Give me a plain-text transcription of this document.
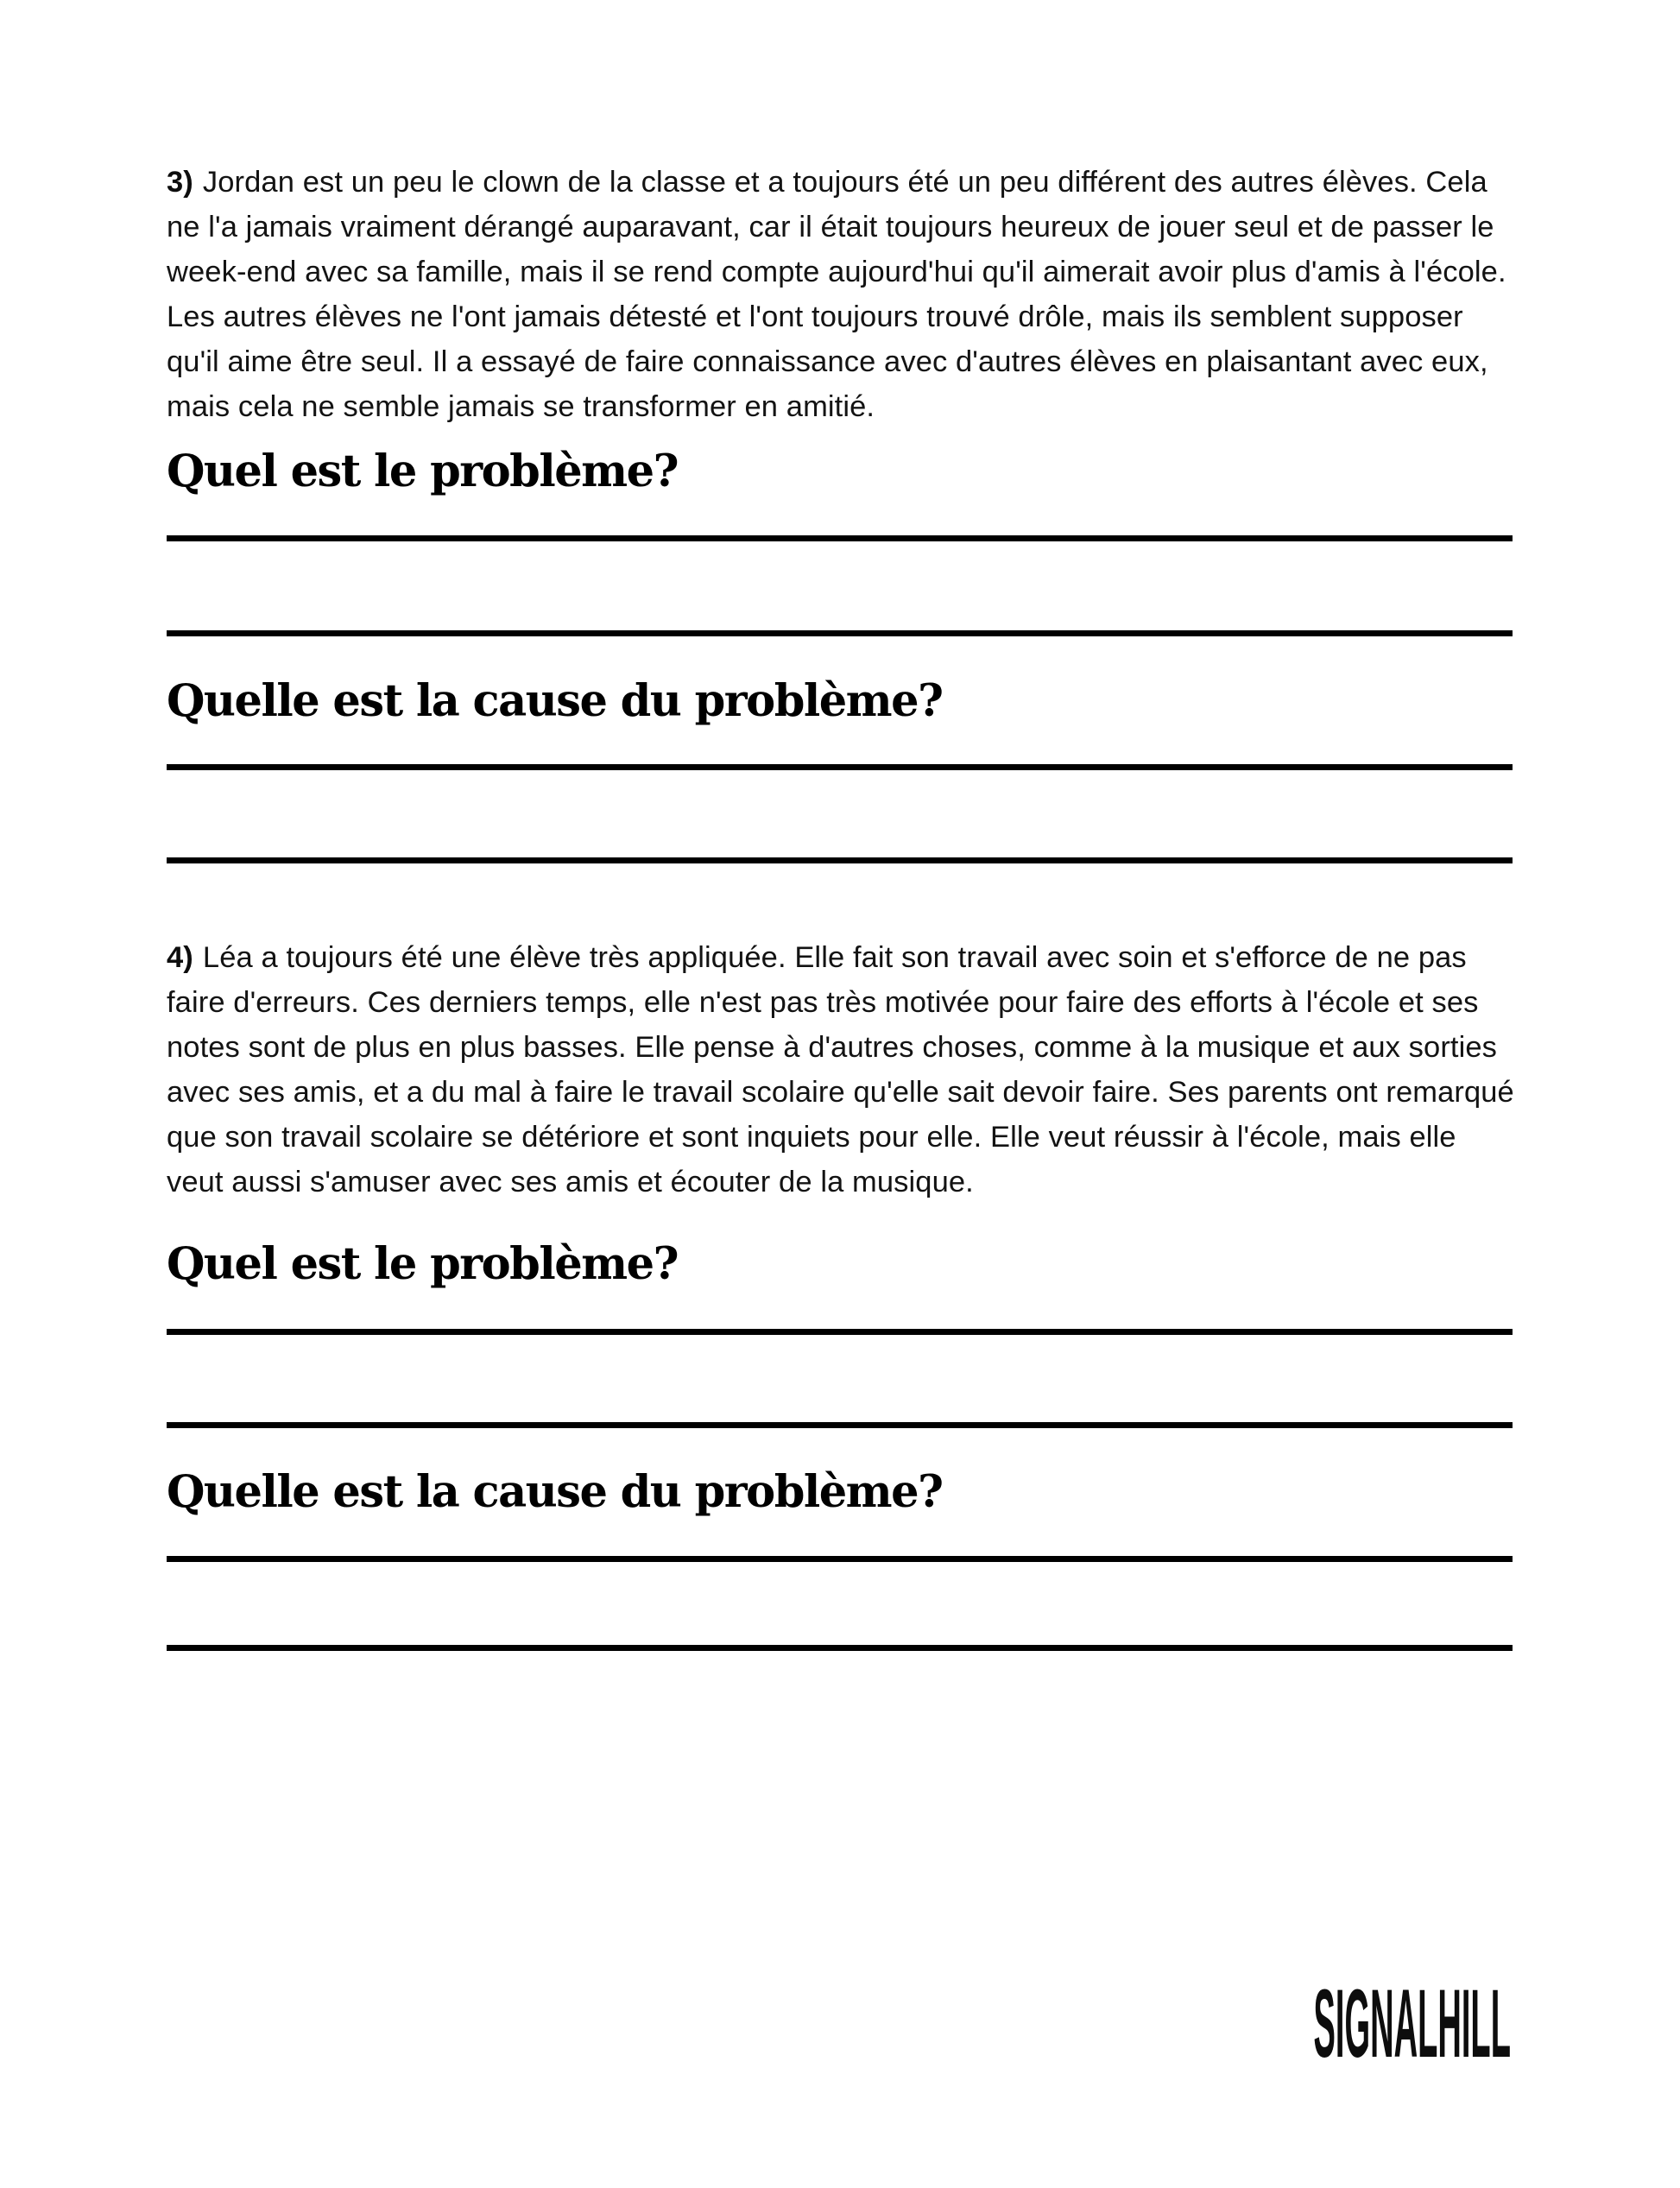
3) Jordan est un peu le clown de la classe et a toujours été un peu différent des autres élèves. Cela ne l'a jamais vraiment dérangé auparavant, car il était toujours heureux de jouer seul et de passer le week-end avec sa famille, mais il se rend compte aujourd'hui qu'il aimerait avoir plus d'amis à l'école. Les autres élèves ne l'ont jamais détesté et l'ont toujours trouvé drôle, mais ils semblent supposer qu'il aime être seul. Il a essayé de faire connaissance avec d'autres élèves en plaisantant avec eux, mais cela ne semble jamais se transformer en amitié.

Quel est le problème?
Quelle est la cause du problème?

4) Léa a toujours été une élève très appliquée. Elle fait son travail avec soin et s'efforce de ne pas faire d'erreurs. Ces derniers temps, elle n'est pas très motivée pour faire des efforts à l'école et ses notes sont de plus en plus basses. Elle pense à d'autres choses, comme à la musique et aux sorties avec ses amis, et a du mal à faire le travail scolaire qu'elle sait devoir faire. Ses parents ont remarqué que son travail scolaire se détériore et sont inquiets pour elle. Elle veut réussir à l'école, mais elle veut aussi s'amuser avec ses amis et écouter de la musique.

Quel est le problème?
Quelle est la cause du problème?
SIGNALHILL
